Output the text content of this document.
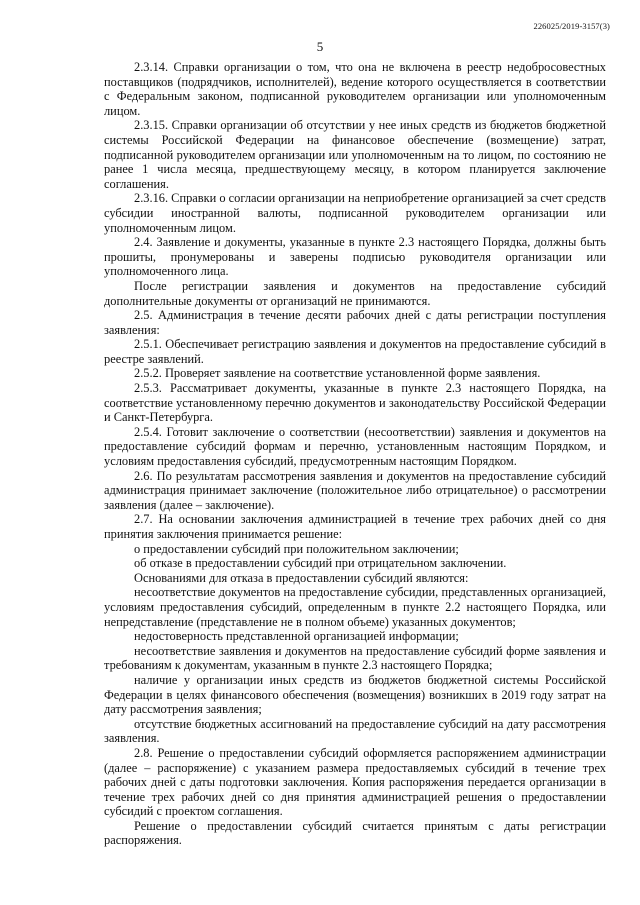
226025/2019-3157(3)
5

2.3.14. Справки организации о том, что она не включена в реестр недобросовестных поставщиков (подрядчиков, исполнителей), ведение которого осуществляется в соответствии с Федеральным законом, подписанной руководителем организации или уполномоченным лицом.

2.3.15. Справки организации об отсутствии у нее иных средств из бюджетов бюджетной системы Российской Федерации на финансовое обеспечение (возмещение) затрат, подписанной руководителем организации или уполномоченным на то лицом, по состоянию не ранее 1 числа месяца, предшествующему месяцу, в котором планируется заключение соглашения.

2.3.16. Справки о согласии организации на неприобретение организацией за счет средств субсидии иностранной валюты, подписанной руководителем организации или уполномоченным лицом.

2.4. Заявление и документы, указанные в пункте 2.3 настоящего Порядка, должны быть прошиты, пронумерованы и заверены подписью руководителя организации или уполномоченного лица.

После регистрации заявления и документов на предоставление субсидий дополнительные документы от организаций не принимаются.

2.5. Администрация в течение десяти рабочих дней с даты регистрации поступления заявления:

2.5.1. Обеспечивает регистрацию заявления и документов на предоставление субсидий в реестре заявлений.

2.5.2. Проверяет заявление на соответствие установленной форме заявления.

2.5.3. Рассматривает документы, указанные в пункте 2.3 настоящего Порядка, на соответствие установленному перечню документов и законодательству Российской Федерации и Санкт-Петербурга.

2.5.4. Готовит заключение о соответствии (несоответствии) заявления и документов на предоставление субсидий формам и перечню, установленным настоящим Порядком, и условиям предоставления субсидий, предусмотренным настоящим Порядком.

2.6. По результатам рассмотрения заявления и документов на предоставление субсидий администрация принимает заключение (положительное либо отрицательное) о рассмотрении заявления (далее – заключение).

2.7. На основании заключения администрацией в течение трех рабочих дней со дня принятия заключения принимается решение:

о предоставлении субсидий при положительном заключении;

об отказе в предоставлении субсидий при отрицательном заключении.

Основаниями для отказа в предоставлении субсидий являются:

несоответствие документов на предоставление субсидии, представленных организацией, условиям предоставления субсидий, определенным в пункте 2.2 настоящего Порядка, или непредставление (представление не в полном объеме) указанных документов;

недостоверность представленной организацией информации;

несоответствие заявления и документов на предоставление субсидий форме заявления и требованиям к документам, указанным в пункте 2.3 настоящего Порядка;

наличие у организации иных средств из бюджетов бюджетной системы Российской Федерации в целях финансового обеспечения (возмещения) возникших в 2019 году затрат на дату рассмотрения заявления;

отсутствие бюджетных ассигнований на предоставление субсидий на дату рассмотрения заявления.

2.8. Решение о предоставлении субсидий оформляется распоряжением администрации (далее – распоряжение) с указанием размера предоставляемых субсидий в течение трех рабочих дней с даты подготовки заключения. Копия распоряжения передается организации в течение трех рабочих дней со дня принятия администрацией решения о предоставлении субсидий с проектом соглашения.

Решение о предоставлении субсидий считается принятым с даты регистрации распоряжения.
